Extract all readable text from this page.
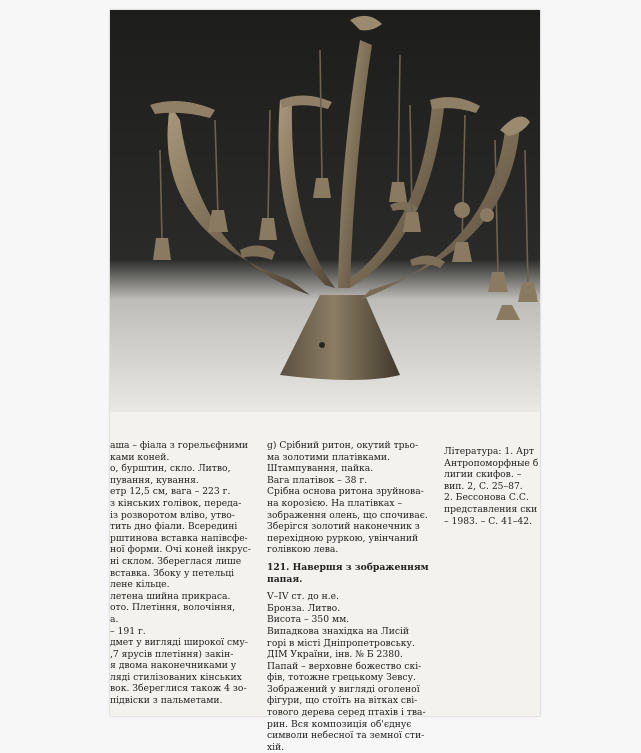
аша – фіала з горельєфними
ками коней.
о, бурштин, скло. Литво,
пування, кування.
етр 12,5 см, вага – 223 г.
з кінських голівок, переда-
із розворотом вліво, утво-
тить дно фіали. Всередині
рштинова вставка напівсфе-
ної форми. Очі коней інкрус-
ні склом. Збереглася лише
вставка. Збоку у петельці
лене кільце.
летена шийна прикраса.
ото. Плетіння, волочіння,
а.
– 191 г.
дмет у вигляді широкої сму-
,7 ярусів плетіння) закін-
я двома наконечниками у
ляді стилізованих кінських
вок. Збереглися також 4 зо-
підвіски з пальметами.
g) Срібний ритон, окутий трьо-
ма золотими платівками.
Штампування, пайка.
Вага платівок – 38 г.
Срібна основа ритона зруйнова-
на корозією. На платівках –
зображення олень, що спочиває.
Зберігся золотий наконечник з
перехідною руркою, увінчаний
голівкою лева.
121. Навершя з зображенням
папая.
V–IV ст. до н.е.
Бронза. Литво.
Висота – 350 мм.
Випадкова знахідка на Лисій
горі в місті Дніпропетровську.
ДІМ України, інв. № Б 2380.
Папай – верховне божество скі-
фів, тотожне грецькому Зевсу.
Зображений у вигляді оголеної
фігури, що стоїть на вітках сві-
тового дерева серед птахів і тва-
рин. Вся композиція об'єднує
символи небесної та земної сти-
хій.
Література: 1. Арт
Антропоморфные б
лигии скифов. –
вип. 2, С. 25–87.
2. Бессонова С.С.
представления ски
– 1983. – С. 41–42.
